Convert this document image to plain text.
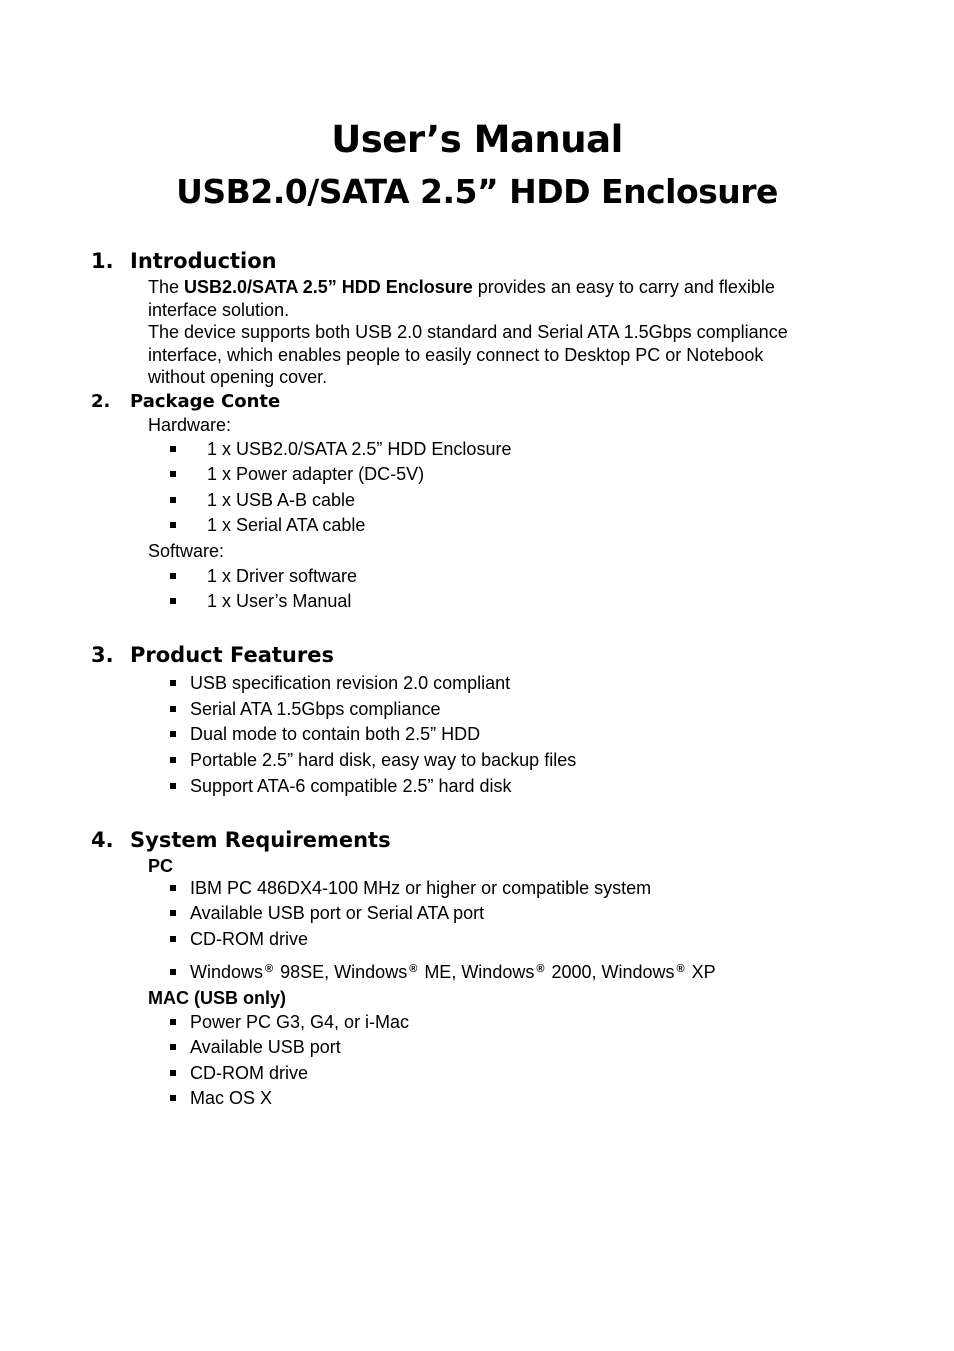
User’s Manual
USB2.0/SATA 2.5” HDD Enclosure
1. Introduction
The USB2.0/SATA 2.5” HDD Enclosure provides an easy to carry and flexible
interface solution.
The device supports both USB 2.0 standard and Serial ATA 1.5Gbps compliance
interface, which enables people to easily connect to Desktop PC or Notebook
without opening cover.
2. Package Conte
Hardware:
1 x USB2.0/SATA 2.5” HDD Enclosure
1 x Power adapter (DC-5V)
1 x USB A-B cable
1 x Serial ATA cable
Software:
1 x Driver software
1 x User’s Manual
3. Product Features
USB specification revision 2.0 compliant
Serial ATA 1.5Gbps compliance
Dual mode to contain both 2.5” HDD
Portable 2.5” hard disk, easy way to backup files
Support ATA-6 compatible 2.5” hard disk
4. System Requirements
PC
IBM PC 486DX4-100 MHz or higher or compatible system
Available USB port or Serial ATA port
CD-ROM drive
Windows ® 98SE, Windows ® ME, Windows ® 2000, Windows ® XP
MAC (USB only)
Power PC G3, G4, or i-Mac
Available USB port
CD-ROM drive
Mac OS X
